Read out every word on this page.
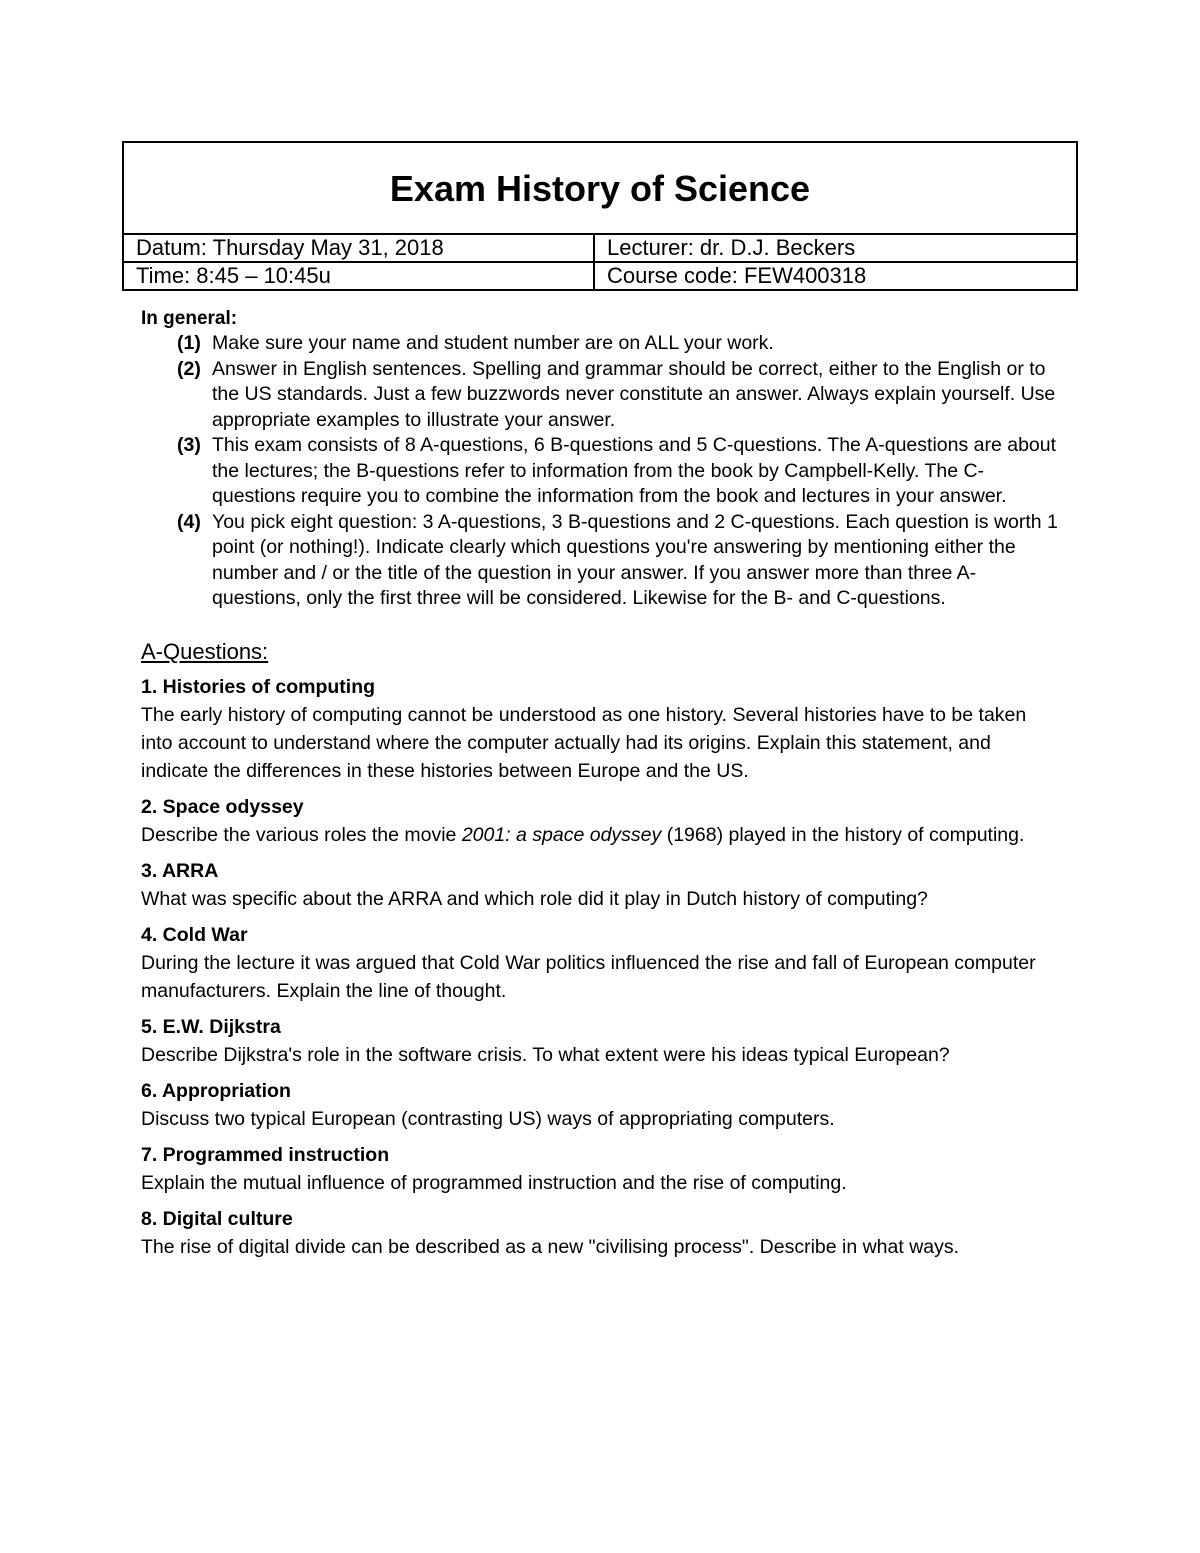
Exam History of Science
Datum: Thursday May 31, 2018	Lecturer: dr. D.J. Beckers
Time: 8:45 – 10:45u	Course code: FEW400318

In general:

(1) Make sure your name and student number are on ALL your work.
(2) Answer in English sentences. Spelling and grammar should be correct, either to the English or to the US standards. Just a few buzzwords never constitute an answer. Always explain yourself. Use appropriate examples to illustrate your answer.
(3) This exam consists of 8 A-questions, 6 B-questions and 5 C-questions. The A-questions are about the lectures; the B-questions refer to information from the book by Campbell-Kelly. The C-questions require you to combine the information from the book and lectures in your answer.
(4) You pick eight question: 3 A-questions, 3 B-questions and 2 C-questions. Each question is worth 1 point (or nothing!). Indicate clearly which questions you're answering by mentioning either the number and / or the title of the question in your answer. If you answer more than three A-questions, only the first three will be considered. Likewise for the B- and C-questions.
A-Questions:
1. Histories of computing
The early history of computing cannot be understood as one history. Several histories have to be taken into account to understand where the computer actually had its origins. Explain this statement, and indicate the differences in these histories between Europe and the US.
2. Space odyssey
Describe the various roles the movie 2001: a space odyssey (1968) played in the history of computing.
3. ARRA
What was specific about the ARRA and which role did it play in Dutch history of computing?
4. Cold War
During the lecture it was argued that Cold War politics influenced the rise and fall of European computer manufacturers. Explain the line of thought.
5. E.W. Dijkstra
Describe Dijkstra's role in the software crisis. To what extent were his ideas typical European?
6. Appropriation
Discuss two typical European (contrasting US) ways of appropriating computers.
7. Programmed instruction
Explain the mutual influence of programmed instruction and the rise of computing.
8. Digital culture
The rise of digital divide can be described as a new "civilising process". Describe in what ways.
